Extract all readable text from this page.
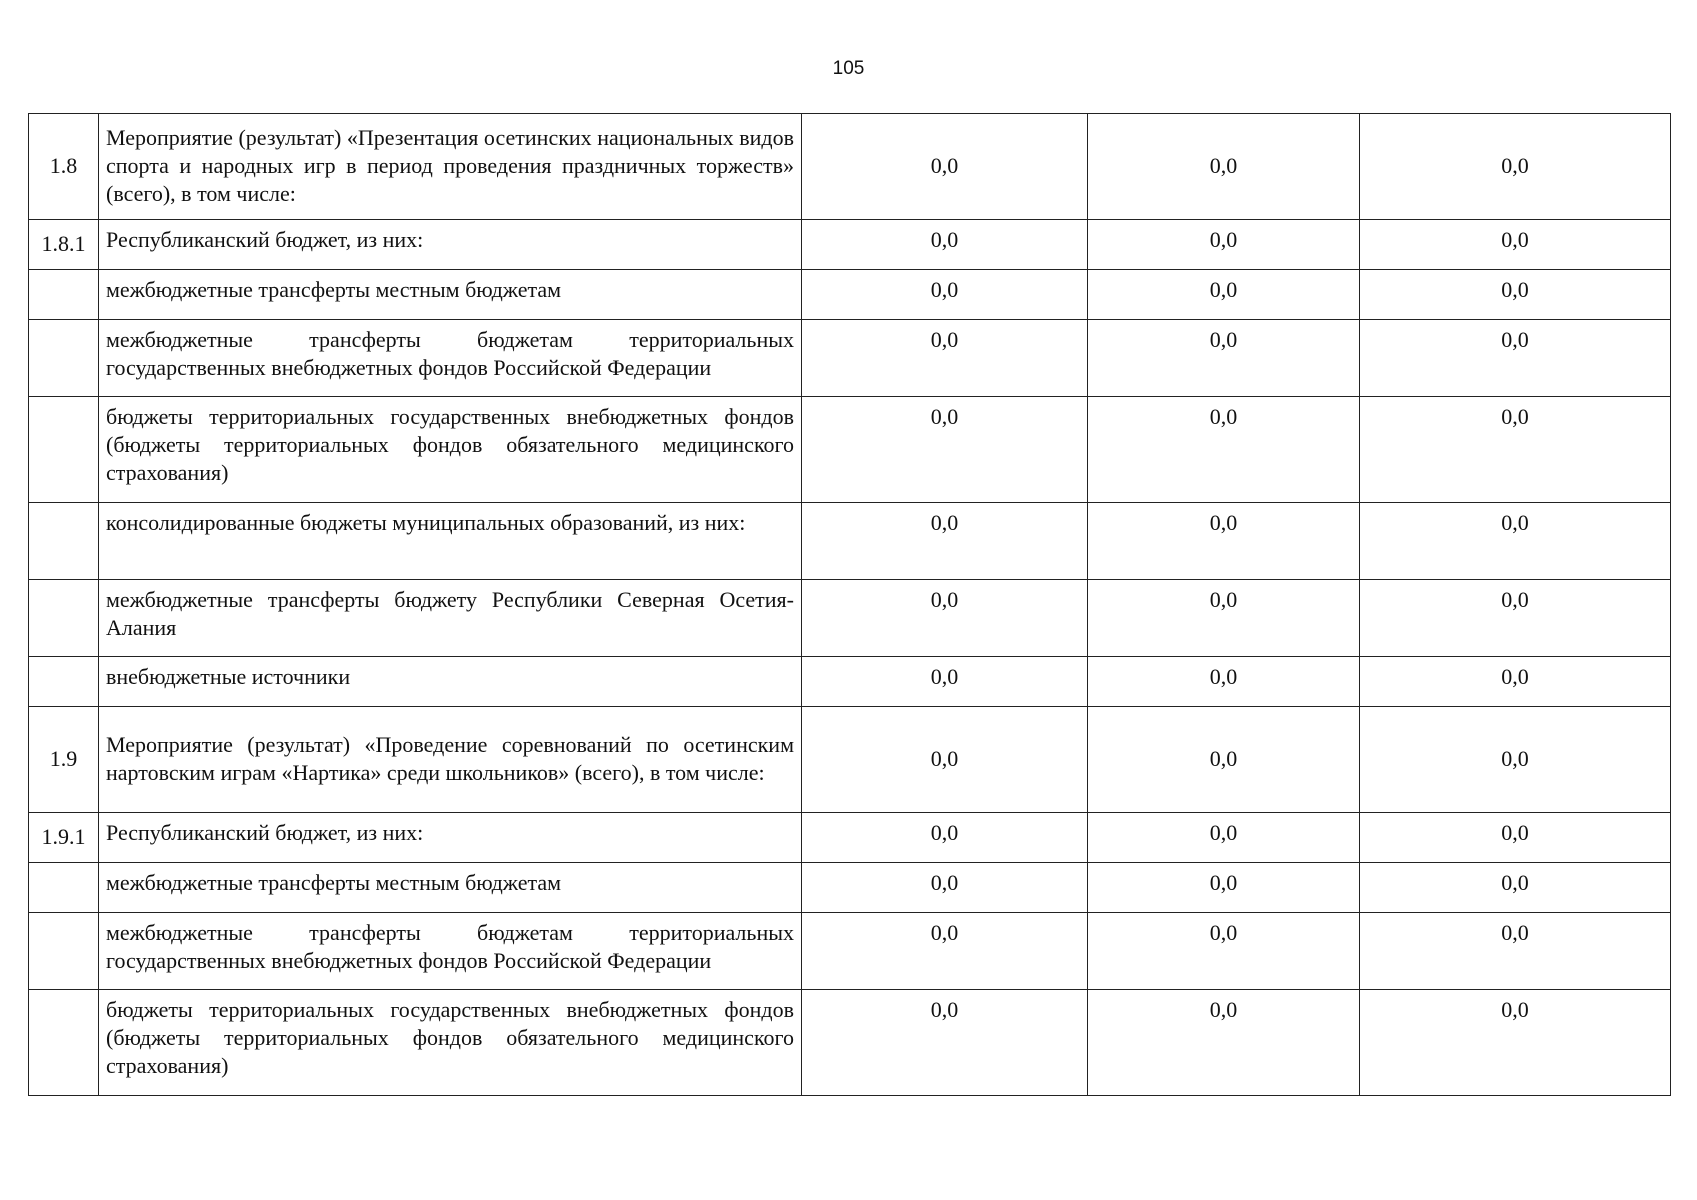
105
1.8	Мероприятие (результат) «Презентация осетинских национальных видов спорта и народных игр в период проведения праздничных торжеств» (всего), в том числе:	0,0	0,0	0,0
1.8.1	Республиканский бюджет, из них:	0,0	0,0	0,0
	межбюджетные трансферты местным бюджетам	0,0	0,0	0,0
	межбюджетные трансферты бюджетам территориальных государственных внебюджетных фондов Российской Федерации	0,0	0,0	0,0
	бюджеты территориальных государственных внебюджетных фондов (бюджеты территориальных фондов обязательного медицинского страхования)	0,0	0,0	0,0
	консолидированные бюджеты муниципальных образований, из них:	0,0	0,0	0,0
	межбюджетные трансферты бюджету Республики Северная Осетия-Алания	0,0	0,0	0,0
	внебюджетные источники	0,0	0,0	0,0
1.9	Мероприятие (результат) «Проведение соревнований по осетинским нартовским играм «Нартика» среди школьников» (всего), в том числе:	0,0	0,0	0,0
1.9.1	Республиканский бюджет, из них:	0,0	0,0	0,0
	межбюджетные трансферты местным бюджетам	0,0	0,0	0,0
	межбюджетные трансферты бюджетам территориальных государственных внебюджетных фондов Российской Федерации	0,0	0,0	0,0
	бюджеты территориальных государственных внебюджетных фондов (бюджеты территориальных фондов обязательного медицинского страхования)	0,0	0,0	0,0
